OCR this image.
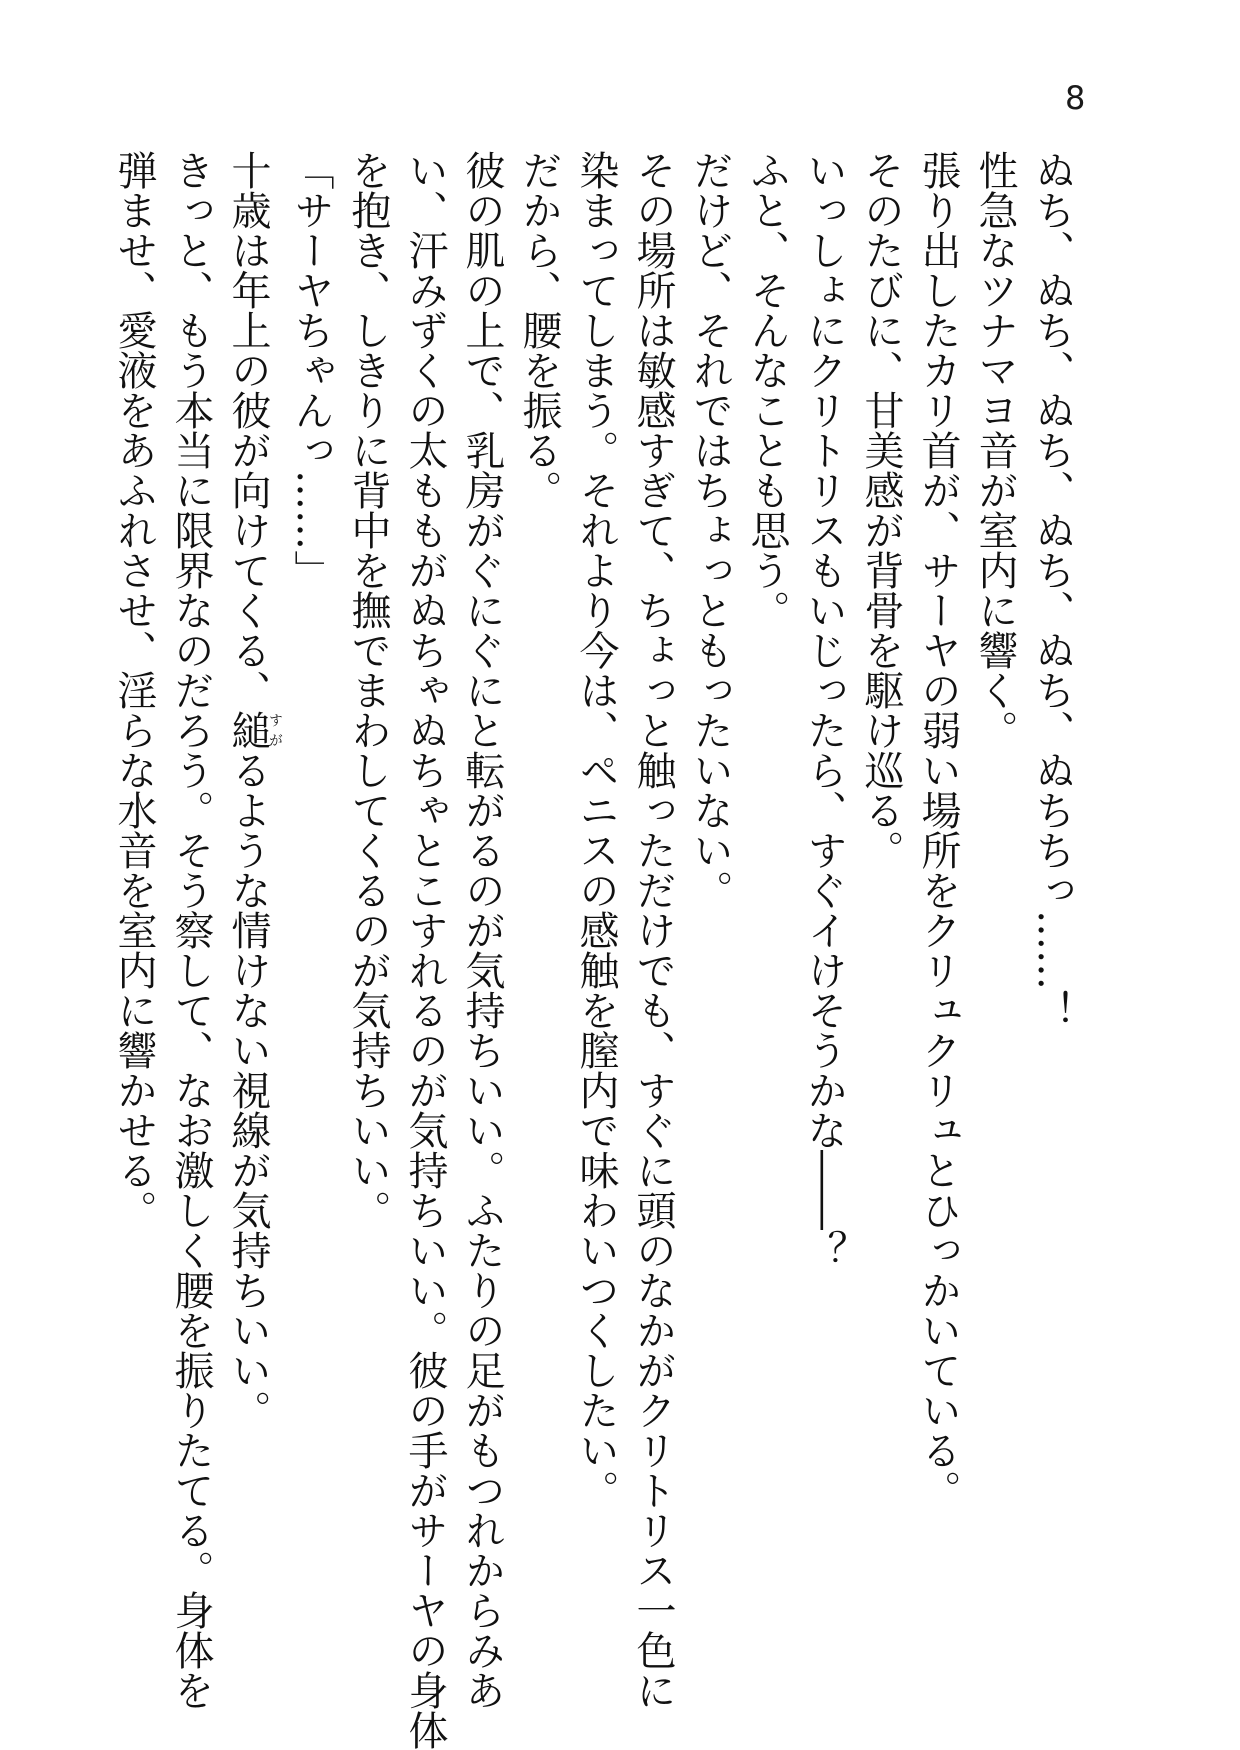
8
ぬち、ぬち、ぬち、ぬち、ぬち、ぬちちっ……！
性急なツナマヨ音が室内に響く。
張り出したカリ首が、サーヤの弱い場所をクリュクリュとひっかいている。
そのたびに、甘美感が背骨を駆け巡る。
いっしょにクリトリスもいじったら、すぐイけそうかな――？
ふと、そんなことも思う。
だけど、それではちょっともったいない。
その場所は敏感すぎて、ちょっと触っただけでも、すぐに頭のなかがクリトリス一色に
染まってしまう。それより今は、ペニスの感触を膣内で味わいつくしたい。
だから、腰を振る。
彼の肌の上で、乳房がぐにぐにと転がるのが気持ちいい。ふたりの足がもつれからみあ
い、汗みずくの太ももがぬちゃぬちゃとこすれるのが気持ちいい。彼の手がサーヤの身体
を抱き、しきりに背中を撫でまわしてくるのが気持ちいい。
「サーヤちゃんっ……」
十歳は年上の彼が向けてくる、縋すがるような情けない視線が気持ちいい。
きっと、もう本当に限界なのだろう。そう察して、なお激しく腰を振りたてる。身体を
弾ませ、愛液をあふれさせ、淫らな水音を室内に響かせる。
